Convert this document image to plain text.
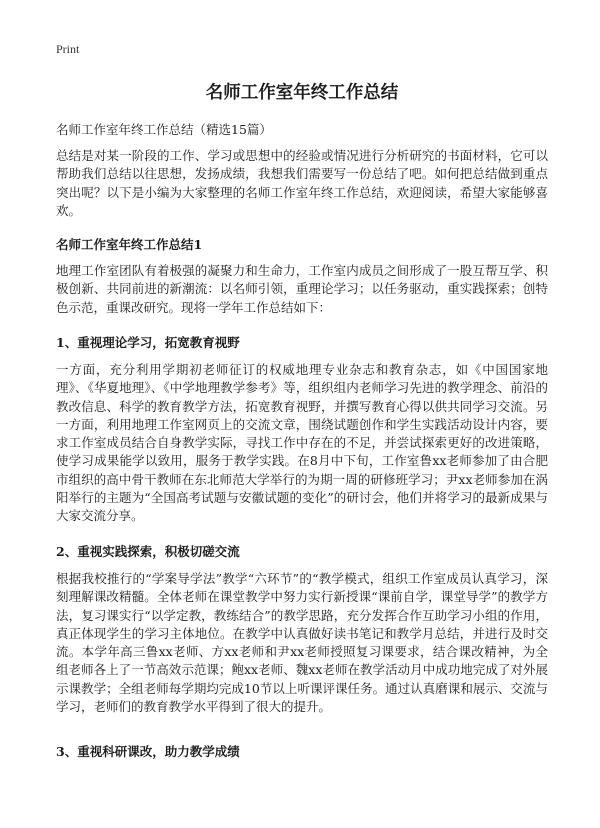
Print
名师工作室年终工作总结

名师工作室年终工作总结（精选15篇）

总结是对某一阶段的工作、学习或思想中的经验或情况进行分析研究的书面材料，它可以帮助我们总结以往思想，发扬成绩，我想我们需要写一份总结了吧。如何把总结做到重点突出呢？以下是小编为大家整理的名师工作室年终工作总结，欢迎阅读，希望大家能够喜欢。

名师工作室年终工作总结1

地理工作室团队有着极强的凝聚力和生命力，工作室内成员之间形成了一股互帮互学、积极创新、共同前进的新潮流：以名师引领，重理论学习；以任务驱动，重实践探索；创特色示范，重课改研究。现将一学年工作总结如下：

1、重视理论学习，拓宽教育视野

一方面，充分利用学期初老师征订的权威地理专业杂志和教育杂志，如《中国国家地理》、《华夏地理》、《中学地理教学参考》等，组织组内老师学习先进的教学理念、前沿的教改信息、科学的教育教学方法，拓宽教育视野，并撰写教育心得以供共同学习交流。另一方面，利用地理工作室网页上的交流文章，围绕试题创作和学生实践活动设计内容，要求工作室成员结合自身教学实际，寻找工作中存在的不足，并尝试探索更好的改进策略，使学习成果能学以致用，服务于教学实践。在8月中下旬，工作室鲁xx老师参加了由合肥市组织的高中骨干教师在东北师范大学举行的为期一周的研修班学习；尹xx老师参加在涡阳举行的主题为“全国高考试题与安徽试题的变化”的研讨会，他们并将学习的最新成果与大家交流分享。

2、重视实践探索，积极切磋交流

根据我校推行的“学案导学法”教学“六环节”的“教学模式，组织工作室成员认真学习，深刻理解课改精髓。全体老师在课堂教学中努力实行新授课“课前自学，课堂导学”的教学方法，复习课实行“以学定教，教练结合”的教学思路，充分发挥合作互助学习小组的作用，真正体现学生的学习主体地位。在教学中认真做好读书笔记和教学月总结，并进行及时交流。本学年高三鲁xx老师、方xx老师和尹xx老师授照复习课要求，结合课改精神，为全组老师各上了一节高效示范课；鲍xx老师、魏xx老师在教学活动月中成功地完成了对外展示课教学；全组老师每学期均完成10节以上听课评课任务。通过认真磨课和展示、交流与学习，老师们的教育教学水平得到了很大的提升。

3、重视科研课改，助力教学成绩
